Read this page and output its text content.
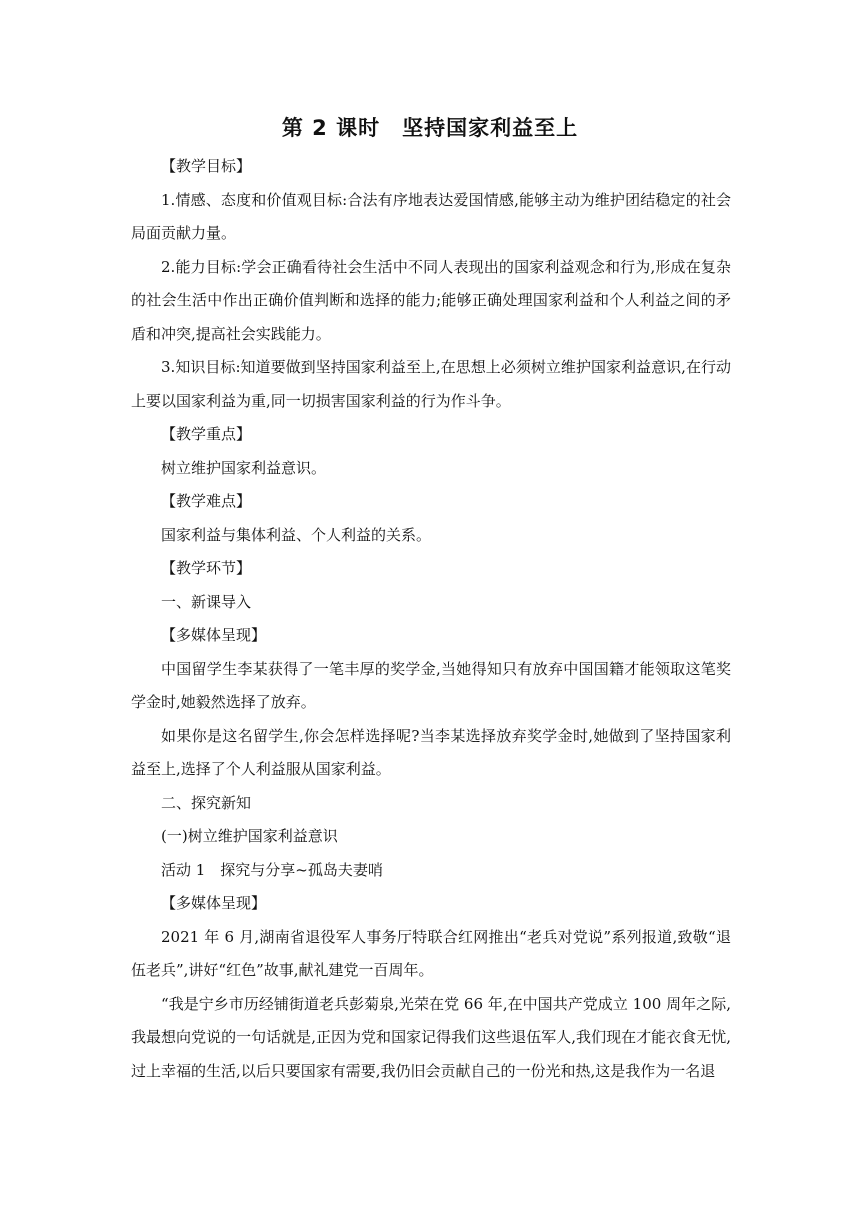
第 2 课时　坚持国家利益至上

【教学目标】

1.情感、态度和价值观目标:合法有序地表达爱国情感,能够主动为维护团结稳定的社会局面贡献力量。

2.能力目标:学会正确看待社会生活中不同人表现出的国家利益观念和行为,形成在复杂的社会生活中作出正确价值判断和选择的能力;能够正确处理国家利益和个人利益之间的矛盾和冲突,提高社会实践能力。

3.知识目标:知道要做到坚持国家利益至上,在思想上必须树立维护国家利益意识,在行动上要以国家利益为重,同一切损害国家利益的行为作斗争。

【教学重点】

树立维护国家利益意识。

【教学难点】

国家利益与集体利益、个人利益的关系。

【教学环节】

一、新课导入

【多媒体呈现】

中国留学生李某获得了一笔丰厚的奖学金,当她得知只有放弃中国国籍才能领取这笔奖学金时,她毅然选择了放弃。

如果你是这名留学生,你会怎样选择呢?当李某选择放弃奖学金时,她做到了坚持国家利益至上,选择了个人利益服从国家利益。

二、探究新知

(一)树立维护国家利益意识

活动 1　探究与分享~孤岛夫妻哨

【多媒体呈现】

2021 年 6 月,湖南省退役军人事务厅特联合红网推出“老兵对党说”系列报道,致敬“退伍老兵”,讲好“红色”故事,献礼建党一百周年。

“我是宁乡市历经铺街道老兵彭菊泉,光荣在党 66 年,在中国共产党成立 100 周年之际,我最想向党说的一句话就是,正因为党和国家记得我们这些退伍军人,我们现在才能衣食无忧,过上幸福的生活,以后只要国家有需要,我仍旧会贡献自己的一份光和热,这是我作为一名退
